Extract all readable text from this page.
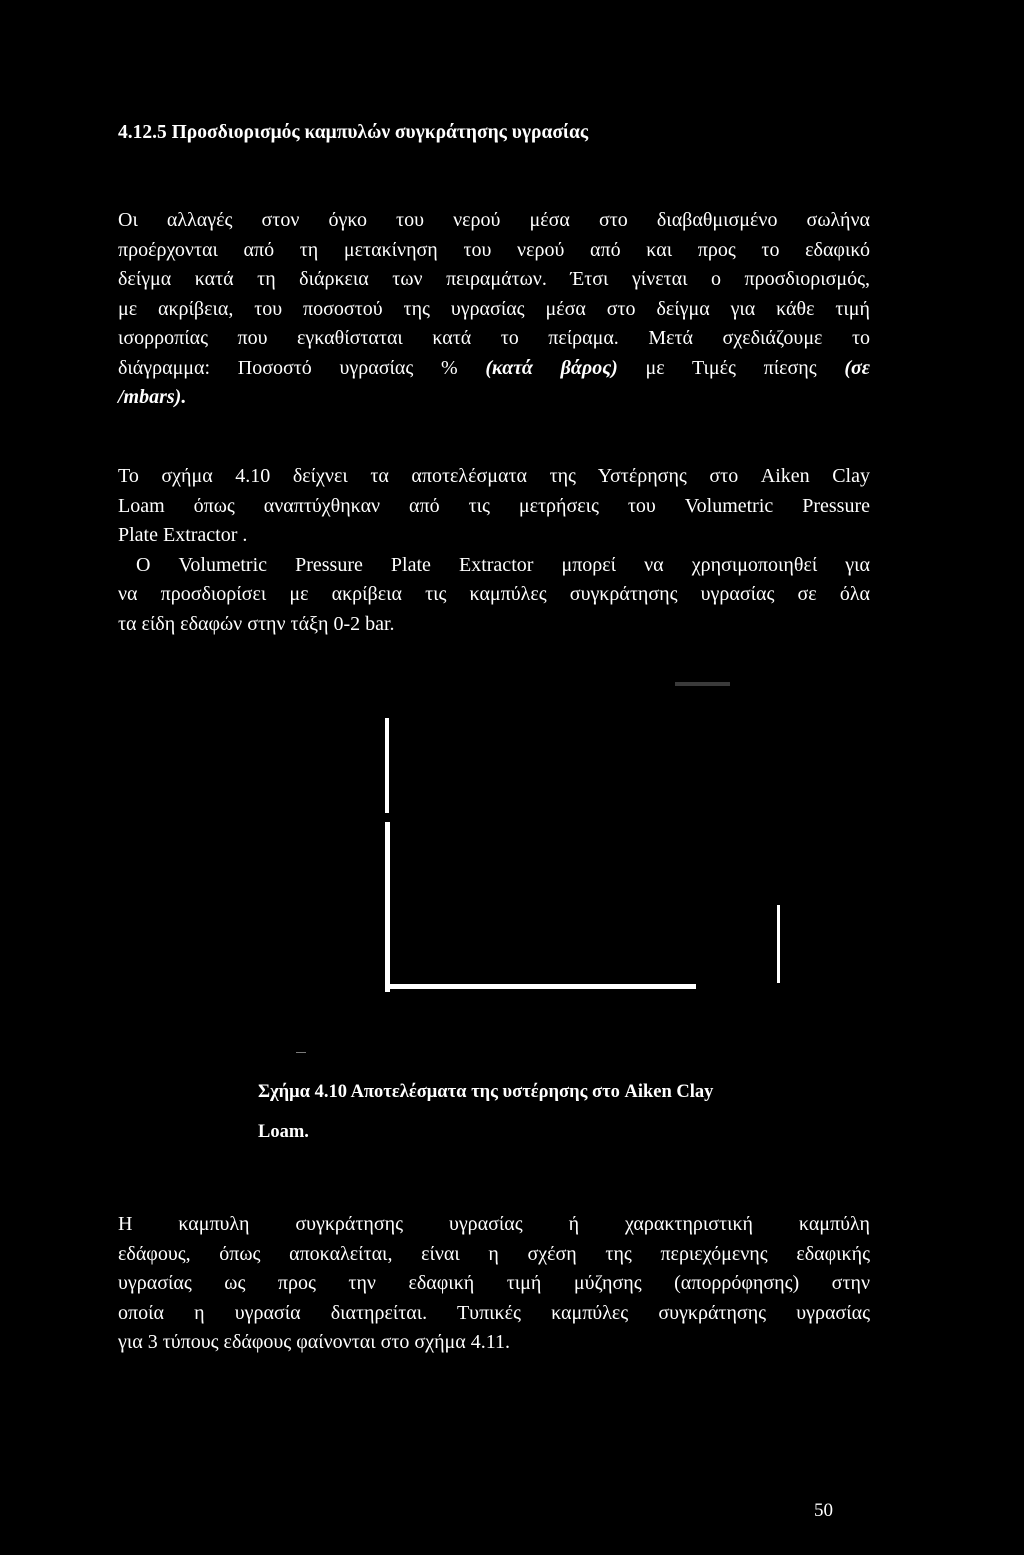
4.12.5 Προσδιορισμός καμπυλών συγκράτησης υγρασίας
Οι αλλαγές στον όγκο του νερού μέσα στο διαβαθμισμένο σωλήνα
προέρχονται από τη μετακίνηση του νερού από και προς το εδαφικό
δείγμα κατά τη διάρκεια των πειραμάτων. Έτσι γίνεται ο προσδιορισμός,
με ακρίβεια, του ποσοστού της υγρασίας μέσα στο δείγμα για κάθε τιμή
ισορροπίας που εγκαθίσταται κατά το πείραμα. Μετά σχεδιάζουμε το
διάγραμμα: Ποσοστό υγρασίας % (κατά βάρος) με Τιμές πίεσης (σε
/mbars).
Το σχήμα 4.10 δείχνει τα αποτελέσματα της Υστέρησης στο Aiken Clay
Loam όπως αναπτύχθηκαν από τις μετρήσεις του Volumetric Pressure
Plate Extractor .
Ο Volumetric Pressure Plate Extractor μπορεί να χρησιμοποιηθεί για
να προσδιορίσει με ακρίβεια τις καμπύλες συγκράτησης υγρασίας σε όλα
τα είδη εδαφών στην τάξη 0-2 bar.

Σχήμα 4.10 Αποτελέσματα της υστέρησης στο Aiken Clay

Loam.

Η καμπυλη συγκράτησης υγρασίας ή χαρακτηριστική καμπύλη
εδάφους, όπως αποκαλείται, είναι η σχέση της περιεχόμενης εδαφικής
υγρασίας ως προς την εδαφική τιμή μύζησης (απορρόφησης) στην
οποία η υγρασία διατηρείται. Τυπικές καμπύλες συγκράτησης υγρασίας
για 3 τύπους εδάφους φαίνονται στο σχήμα 4.11.

50
